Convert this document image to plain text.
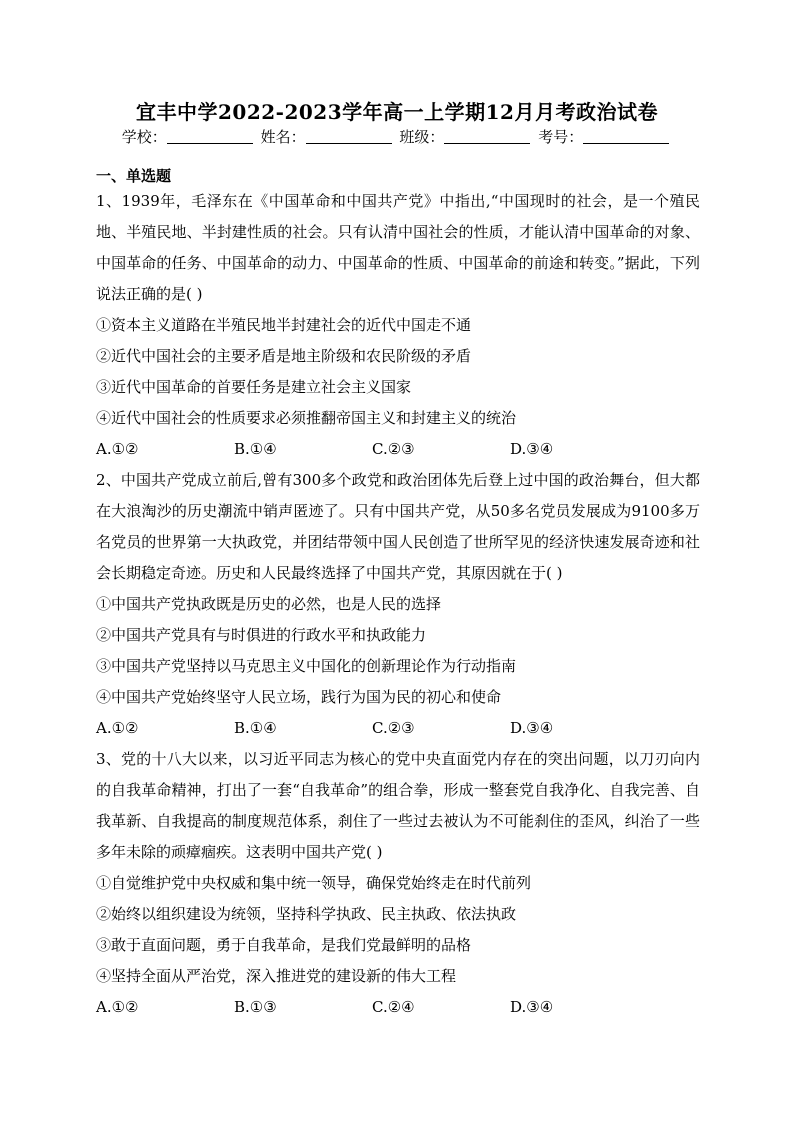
宜丰中学2022-2023学年高一上学期12月月考政治试卷
学校：	姓名：	班级：	考号：

一、单选题

1、1939年，毛泽东在《中国革命和中国共产党》中指出,“中国现时的社会，是一个殖民地、半殖民地、半封建性质的社会。只有认清中国社会的性质，才能认清中国革命的对象、中国革命的任务、中国革命的动力、中国革命的性质、中国革命的前途和转变。”据此，下列说法正确的是( )

①资本主义道路在半殖民地半封建社会的近代中国走不通

②近代中国社会的主要矛盾是地主阶级和农民阶级的矛盾

③近代中国革命的首要任务是建立社会主义国家

④近代中国社会的性质要求必须推翻帝国主义和封建主义的统治

A.①②	B.①④	C.②③	D.③④

2、中国共产党成立前后,曾有300多个政党和政治团体先后登上过中国的政治舞台，但大都在大浪淘沙的历史潮流中销声匿迹了。只有中国共产党，从50多名党员发展成为9100多万名党员的世界第一大执政党，并团结带领中国人民创造了世所罕见的经济快速发展奇迹和社会长期稳定奇迹。历史和人民最终选择了中国共产党，其原因就在于( )

①中国共产党执政既是历史的必然，也是人民的选择

②中国共产党具有与时俱进的行政水平和执政能力

③中国共产党坚持以马克思主义中国化的创新理论作为行动指南

④中国共产党始终坚守人民立场，践行为国为民的初心和使命

A.①②	B.①④	C.②③	D.③④

3、党的十八大以来，以习近平同志为核心的党中央直面党内存在的突出问题，以刀刃向内的自我革命精神，打出了一套“自我革命”的组合拳，形成一整套党自我净化、自我完善、自我革新、自我提高的制度规范体系，刹住了一些过去被认为不可能刹住的歪风，纠治了一些多年未除的顽瘴痼疾。这表明中国共产党( )

①自觉维护党中央权威和集中统一领导，确保党始终走在时代前列

②始终以组织建设为统领，坚持科学执政、民主执政、依法执政

③敢于直面问题，勇于自我革命，是我们党最鲜明的品格

④坚持全面从严治党，深入推进党的建设新的伟大工程

A.①②	B.①③	C.②④	D.③④
